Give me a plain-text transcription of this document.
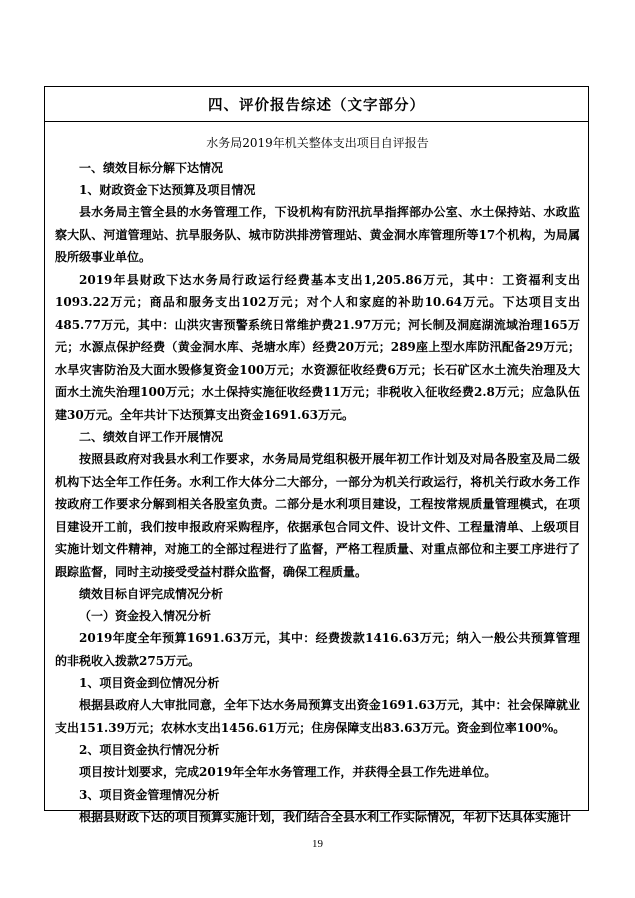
四、评价报告综述（文字部分）

水务局2019年机关整体支出项目自评报告

一、绩效目标分解下达情况

1、财政资金下达预算及项目情况

县水务局主管全县的水务管理工作，下设机构有防汛抗旱指挥部办公室、水土保持站、水政监察大队、河道管理站、抗旱服务队、城市防洪排涝管理站、黄金洞水库管理所等17个机构，为局属股所级事业单位。

2019年县财政下达水务局行政运行经费基本支出1,205.86万元，其中：工资福利支出1093.22万元；商品和服务支出102万元；对个人和家庭的补助10.64万元。下达项目支出485.77万元，其中：山洪灾害预警系统日常维护费21.97万元；河长制及洞庭湖流域治理165万元；水源点保护经费（黄金洞水库、尧塘水库）经费20万元；289座上型水库防汛配备29万元；水旱灾害防治及大面水毁修复资金100万元；水资源征收经费6万元；长石矿区水土流失治理及大面水土流失治理100万元；水土保持实施征收经费11万元；非税收入征收经费2.8万元；应急队伍建30万元。全年共计下达预算支出资金1691.63万元。

二、绩效自评工作开展情况

按照县政府对我县水利工作要求，水务局局党组积极开展年初工作计划及对局各股室及局二级机构下达全年工作任务。水利工作大体分二大部分，一部分为机关行政运行，将机关行政水务工作按政府工作要求分解到相关各股室负责。二部分是水利项目建设，工程按常规质量管理模式，在项目建设开工前，我们按申报政府采购程序，依据承包合同文件、设计文件、工程量清单、上级项目实施计划文件精神，对施工的全部过程进行了监督，严格工程质量、对重点部位和主要工序进行了跟踪监督，同时主动接受受益村群众监督，确保工程质量。

绩效目标自评完成情况分析

（一）资金投入情况分析

2019年度全年预算1691.63万元，其中：经费拨款1416.63万元；纳入一般公共预算管理的非税收入拨款275万元。

1、项目资金到位情况分析

根据县政府人大审批同意，全年下达水务局预算支出资金1691.63万元，其中：社会保障就业支出151.39万元；农林水支出1456.61万元；住房保障支出83.63万元。资金到位率100%。

2、项目资金执行情况分析

项目按计划要求，完成2019年全年水务管理工作，并获得全县工作先进单位。

3、项目资金管理情况分析

根据县财政下达的项目预算实施计划，我们结合全县水利工作实际情况，年初下达具体实施计

19
